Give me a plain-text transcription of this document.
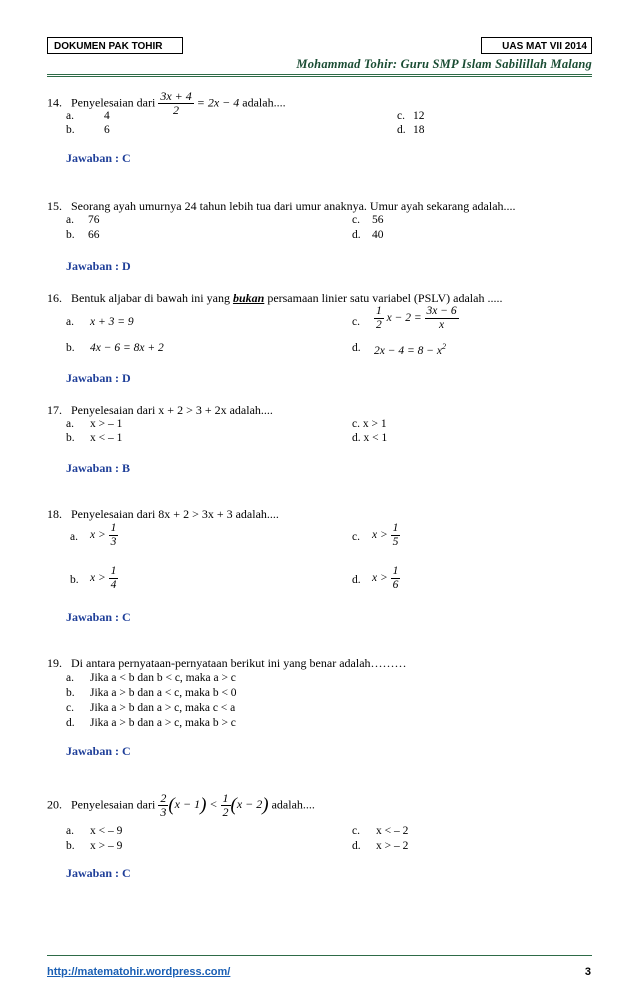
DOKUMEN PAK TOHIR	UAS MAT VII 2014
Mohammad Tohir: Guru SMP Islam Sabilillah Malang
14. Penyelesaian dari $\frac{3x + 4}{2} = 2x - 4$ adalah....
a.	4
b.	6
c. 12
d. 18
Jawaban : C
15. Seorang ayah umurnya 24 tahun lebih tua dari umur anaknya. Umur ayah sekarang adalah....
a. 76
b. 66
c. 56
d. 40
Jawaban : D
16. Bentuk aljabar di bawah ini yang bukan persamaan linier satu variabel (PSLV) adalah .....
a. x + 3 = 9
b. 4x − 6 = 8x + 2
c. $\frac{1}{2}$ $x - 2 = \frac{3x - 6}{x}$
d. $2x - 4 = 8 - x^2$
Jawaban : D
17. Penyelesaian dari x + 2 > 3 + 2x adalah....
a. x > – 1
b. x < – 1
c. x > 1
d. x < 1
Jawaban : B
18. Penyelesaian dari 8x + 2 > 3x + 3 adalah....
a. $x > \frac{1}{3}$
b. $x > \frac{1}{4}$
c. $x > \frac{1}{5}$
d. $x > \frac{1}{6}$
Jawaban : C
19. Di antara pernyataan-pernyataan berikut ini yang benar adalah………
a. Jika a < b dan b < c, maka a > c
b. Jika a > b dan a < c, maka b < 0
c. Jika a > b dan a > c, maka c < a
d. Jika a > b dan a > c, maka b > c
Jawaban : C
20. Penyelesaian dari $\frac{2}{3} (x - 1) < \frac{1}{2} (x - 2)$ adalah....
a. x < – 9
b. x > – 9
c. x < – 2
d. x > – 2
Jawaban : C
http://matematohir.wordpress.com/	3
